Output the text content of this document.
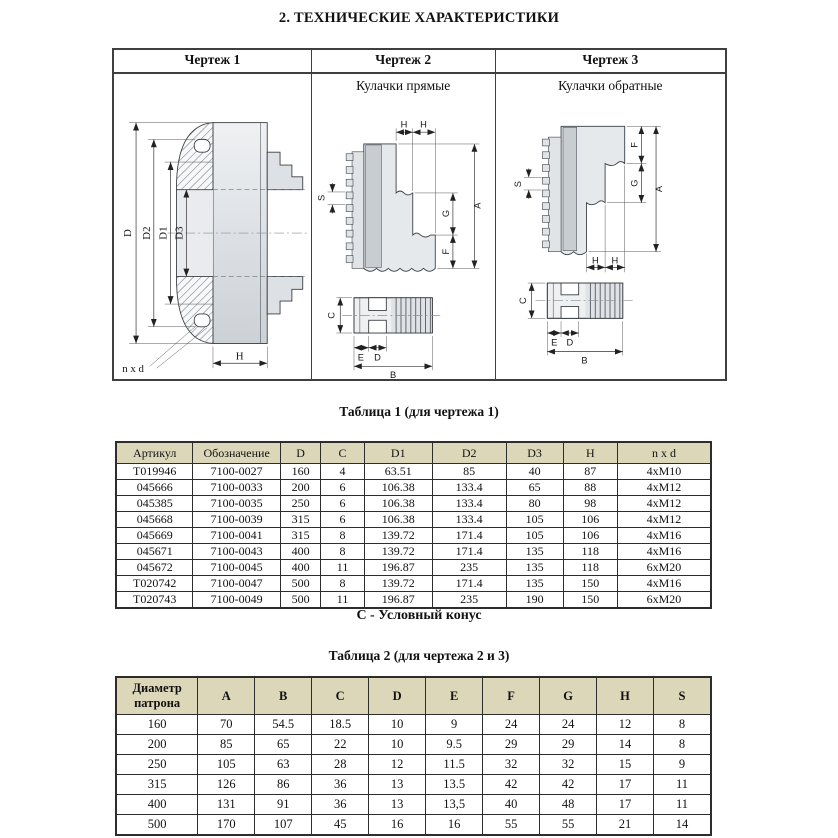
2. ТЕХНИЧЕСКИЕ ХАРАКТЕРИСТИКИ
Чертеж 1
D D2 D1 D3
n x d
H
Чертеж 2
Кулачки прямые
H H
A
G
F
S
C
E D
B
Чертеж 3
Кулачки обратные
H H
A
F
G
S
C
E D
B
Таблица 1 (для чертежа 1)
Артикул	Обозначение	D	C	D1	D2	D3	H	n x d
T019946	7100-0027	160	4	63.51	85	40	87	4xM10
045666	7100-0033	200	6	106.38	133.4	65	88	4xM12
045385	7100-0035	250	6	106.38	133.4	80	98	4xM12
045668	7100-0039	315	6	106.38	133.4	105	106	4xM12
045669	7100-0041	315	8	139.72	171.4	105	106	4xM16
045671	7100-0043	400	8	139.72	171.4	135	118	4xM16
045672	7100-0045	400	11	196.87	235	135	118	6xM20
T020742	7100-0047	500	8	139.72	171.4	135	150	4xM16
T020743	7100-0049	500	11	196.87	235	190	150	6xM20
С - Условный конус
Таблица 2 (для чертежа 2 и 3)
Диаметр патрона	A	B	C	D	E	F	G	H	S
160	70	54.5	18.5	10	9	24	24	12	8
200	85	65	22	10	9.5	29	29	14	8
250	105	63	28	12	11.5	32	32	15	9
315	126	86	36	13	13.5	42	42	17	11
400	131	91	36	13	13,5	40	48	17	11
500	170	107	45	16	16	55	55	21	14
